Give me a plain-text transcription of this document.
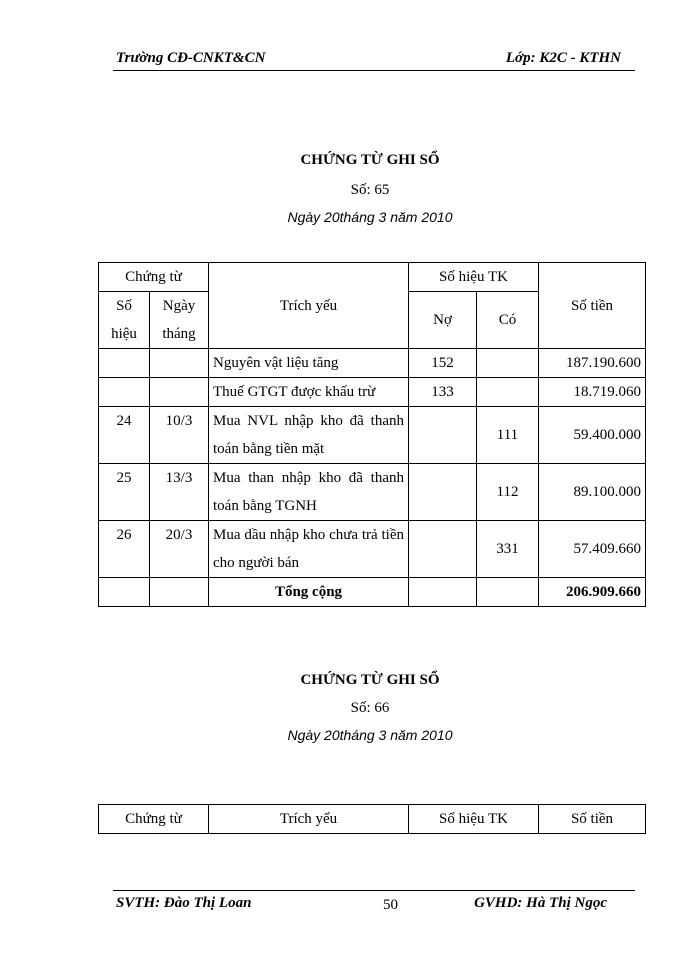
Trường CĐ-CNKT&CN	Lớp: K2C - KTHN
CHỨNG TỪ GHI SỔ
Số: 65
Ngày 20tháng 3 năm 2010
Chứng từ		Trích yếu	Số hiệu TK		Số tiền
Số hiệu	Ngày tháng		Nợ	Có	

		Nguyên vật liệu tăng	152		187.190.600
		Thuế GTGT được khấu trừ	133		18.719.060
24	10/3	Mua NVL nhập kho đã thanh toán bằng tiền mặt		111	59.400.000
25	13/3	Mua than nhập kho đã thanh toán bằng TGNH		112	89.100.000
26	20/3	Mua dầu nhập kho chưa trả tiền cho người bán		331	57.409.660
		Tổng cộng			206.909.660
CHỨNG TỪ GHI SỔ
Số: 66
Ngày 20tháng 3 năm 2010
Chứng từ	Trích yếu	Số hiệu TK	Số tiền
SVTH: Đào Thị Loan	50	GVHD: Hà Thị Ngọc
